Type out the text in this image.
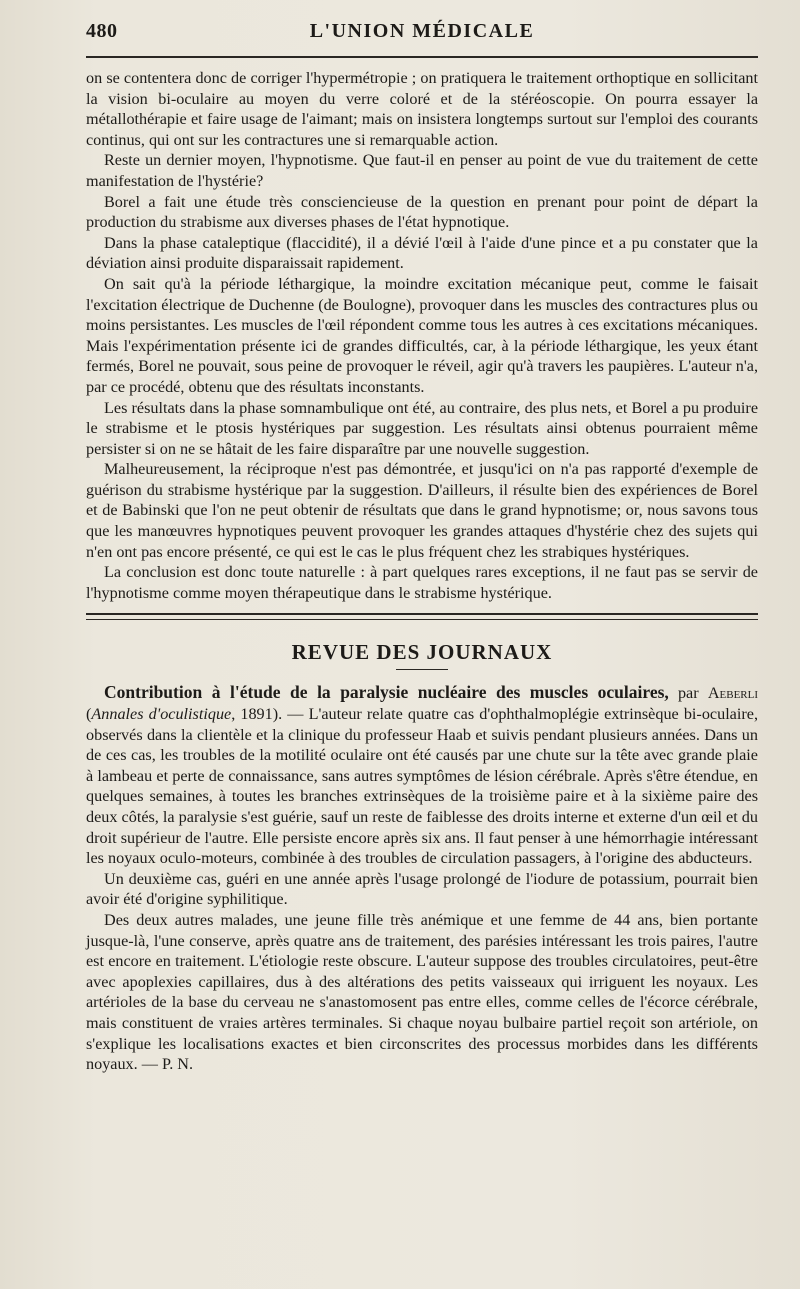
480	L'UNION MÉDICALE

on se contentera donc de corriger l'hypermétropie ; on pratiquera le traitement orthoptique en sollicitant la vision bi-oculaire au moyen du verre coloré et de la stéréoscopie. On pourra essayer la métallothérapie et faire usage de l'aimant; mais on insistera longtemps surtout sur l'emploi des courants continus, qui ont sur les contractures une si remarquable action.

Reste un dernier moyen, l'hypnotisme. Que faut-il en penser au point de vue du traitement de cette manifestation de l'hystérie?

Borel a fait une étude très consciencieuse de la question en prenant pour point de départ la production du strabisme aux diverses phases de l'état hypnotique.

Dans la phase cataleptique (flaccidité), il a dévié l'œil à l'aide d'une pince et a pu constater que la déviation ainsi produite disparaissait rapidement.

On sait qu'à la période léthargique, la moindre excitation mécanique peut, comme le faisait l'excitation électrique de Duchenne (de Boulogne), provoquer dans les muscles des contractures plus ou moins persistantes. Les muscles de l'œil répondent comme tous les autres à ces excitations mécaniques. Mais l'expérimentation présente ici de grandes difficultés, car, à la période léthargique, les yeux étant fermés, Borel ne pouvait, sous peine de provoquer le réveil, agir qu'à travers les paupières. L'auteur n'a, par ce procédé, obtenu que des résultats inconstants.

Les résultats dans la phase somnambulique ont été, au contraire, des plus nets, et Borel a pu produire le strabisme et le ptosis hystériques par suggestion. Les résultats ainsi obtenus pourraient même persister si on ne se hâtait de les faire disparaître par une nouvelle suggestion.

Malheureusement, la réciproque n'est pas démontrée, et jusqu'ici on n'a pas rapporté d'exemple de guérison du strabisme hystérique par la suggestion. D'ailleurs, il résulte bien des expériences de Borel et de Babinski que l'on ne peut obtenir de résultats que dans le grand hypnotisme; or, nous savons tous que les manœuvres hypnotiques peuvent provoquer les grandes attaques d'hystérie chez des sujets qui n'en ont pas encore présenté, ce qui est le cas le plus fréquent chez les strabiques hystériques.

La conclusion est donc toute naturelle : à part quelques rares exceptions, il ne faut pas se servir de l'hypnotisme comme moyen thérapeutique dans le strabisme hystérique.

REVUE DES JOURNAUX

Contribution à l'étude de la paralysie nucléaire des muscles oculaires, par Aeberli (Annales d'oculistique, 1891). — L'auteur relate quatre cas d'ophthalmoplégie extrinsèque bi-oculaire, observés dans la clientèle et la clinique du professeur Haab et suivis pendant plusieurs années. Dans un de ces cas, les troubles de la motilité oculaire ont été causés par une chute sur la tête avec grande plaie à lambeau et perte de connaissance, sans autres symptômes de lésion cérébrale. Après s'être étendue, en quelques semaines, à toutes les branches extrinsèques de la troisième paire et à la sixième paire des deux côtés, la paralysie s'est guérie, sauf un reste de faiblesse des droits interne et externe d'un œil et du droit supérieur de l'autre. Elle persiste encore après six ans. Il faut penser à une hémorrhagie intéressant les noyaux oculo-moteurs, combinée à des troubles de circulation passagers, à l'origine des abducteurs.

Un deuxième cas, guéri en une année après l'usage prolongé de l'iodure de potassium, pourrait bien avoir été d'origine syphilitique.

Des deux autres malades, une jeune fille très anémique et une femme de 44 ans, bien portante jusque-là, l'une conserve, après quatre ans de traitement, des parésies intéressant les trois paires, l'autre est encore en traitement. L'étiologie reste obscure. L'auteur suppose des troubles circulatoires, peut-être avec apoplexies capillaires, dus à des altérations des petits vaisseaux qui irriguent les noyaux. Les artérioles de la base du cerveau ne s'anastomosent pas entre elles, comme celles de l'écorce cérébrale, mais constituent de vraies artères terminales. Si chaque noyau bulbaire partiel reçoit son artériole, on s'explique les localisations exactes et bien circonscrites des processus morbides dans les différents noyaux. — P. N.
